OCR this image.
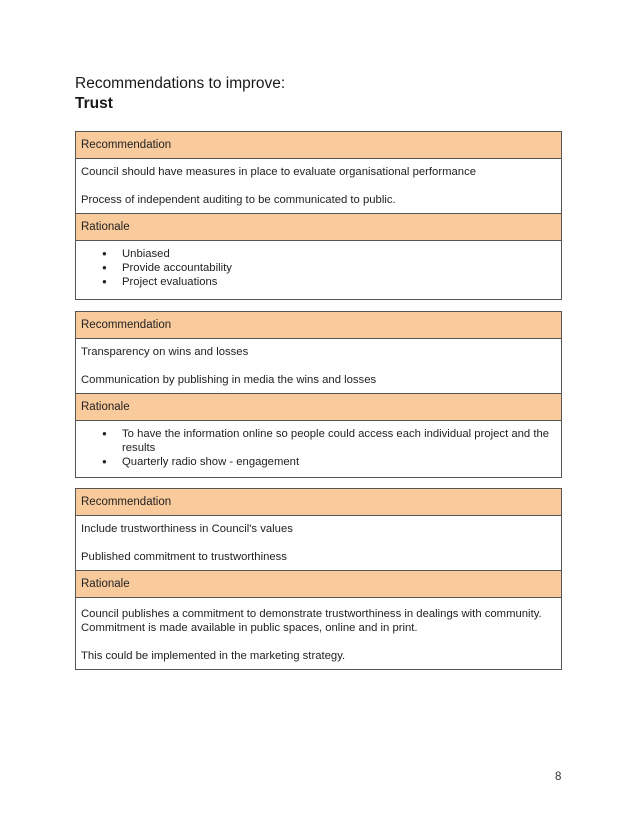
Recommendations to improve:
Trust
Recommendation

Council should have measures in place to evaluate organisational performance

Process of independent auditing to be communicated to public.

Rationale
● Unbiased
● Provide accountability
● Project evaluations
Recommendation

Transparency on wins and losses

Communication by publishing in media the wins and losses

Rationale
● To have the information online so people could access each individual project and the results
● Quarterly radio show - engagement
Recommendation

Include trustworthiness in Council's values

Published commitment to trustworthiness

Rationale

Council publishes a commitment to demonstrate trustworthiness in dealings with community. Commitment is made available in public spaces, online and in print.

This could be implemented in the marketing strategy.

8
